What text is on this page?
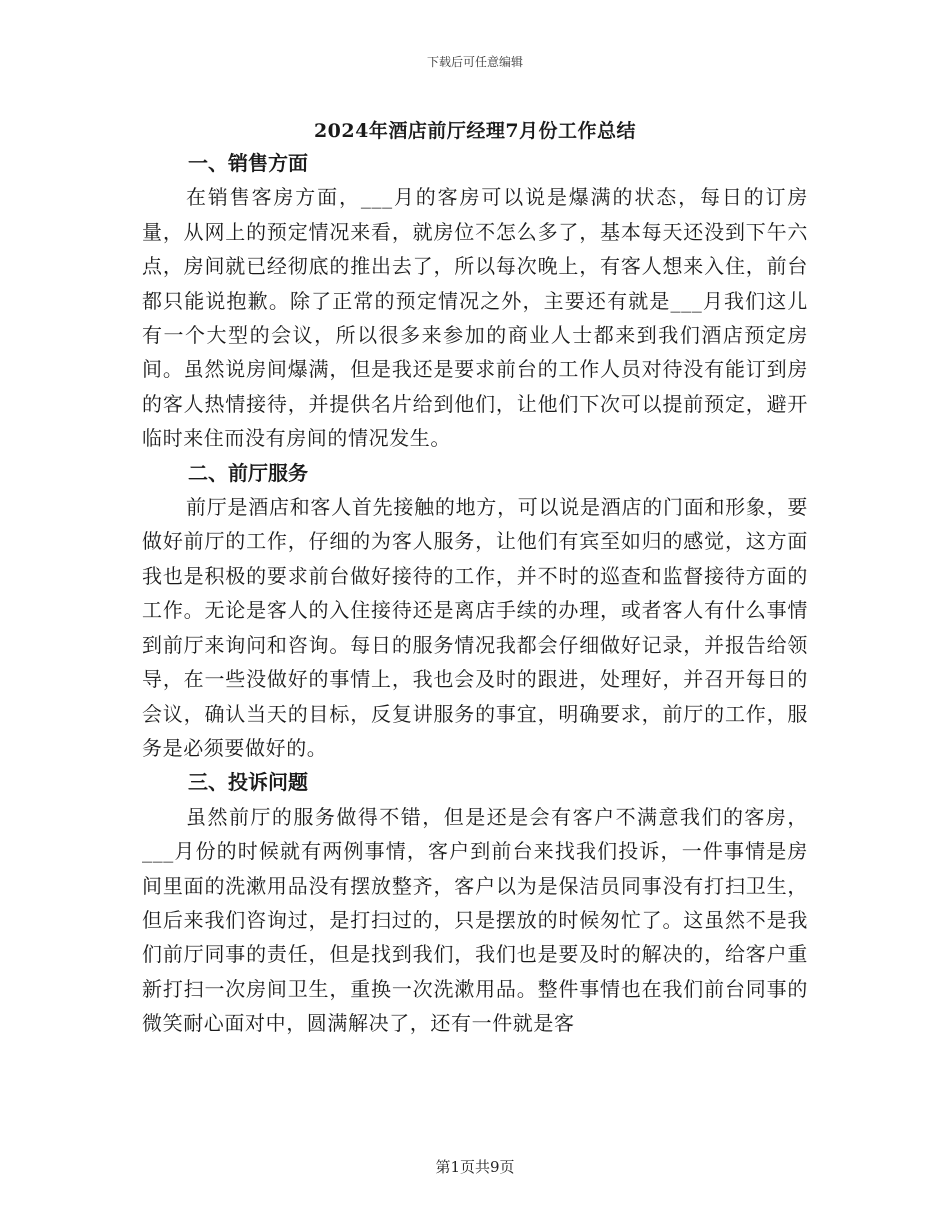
下载后可任意编辑
2024年酒店前厅经理7月份工作总结
一、销售方面

在销售客房方面，___月的客房可以说是爆满的状态，每日的订房量，从网上的预定情况来看，就房位不怎么多了，基本每天还没到下午六点，房间就已经彻底的推出去了，所以每次晚上，有客人想来入住，前台都只能说抱歉。除了正常的预定情况之外，主要还有就是___月我们这儿有一个大型的会议，所以很多来参加的商业人士都来到我们酒店预定房间。虽然说房间爆满，但是我还是要求前台的工作人员对待没有能订到房的客人热情接待，并提供名片给到他们，让他们下次可以提前预定，避开临时来住而没有房间的情况发生。

二、前厅服务

前厅是酒店和客人首先接触的地方，可以说是酒店的门面和形象，要做好前厅的工作，仔细的为客人服务，让他们有宾至如归的感觉，这方面我也是积极的要求前台做好接待的工作，并不时的巡查和监督接待方面的工作。无论是客人的入住接待还是离店手续的办理，或者客人有什么事情到前厅来询问和咨询。每日的服务情况我都会仔细做好记录，并报告给领导，在一些没做好的事情上，我也会及时的跟进，处理好，并召开每日的会议，确认当天的目标，反复讲服务的事宜，明确要求，前厅的工作，服务是必须要做好的。

三、投诉问题

虽然前厅的服务做得不错，但是还是会有客户不满意我们的客房，___月份的时候就有两例事情，客户到前台来找我们投诉，一件事情是房间里面的洗漱用品没有摆放整齐，客户以为是保洁员同事没有打扫卫生，但后来我们咨询过，是打扫过的，只是摆放的时候匆忙了。这虽然不是我们前厅同事的责任，但是找到我们，我们也是要及时的解决的，给客户重新打扫一次房间卫生，重换一次洗漱用品。整件事情也在我们前台同事的微笑耐心面对中，圆满解决了，还有一件就是客

第1页共9页
